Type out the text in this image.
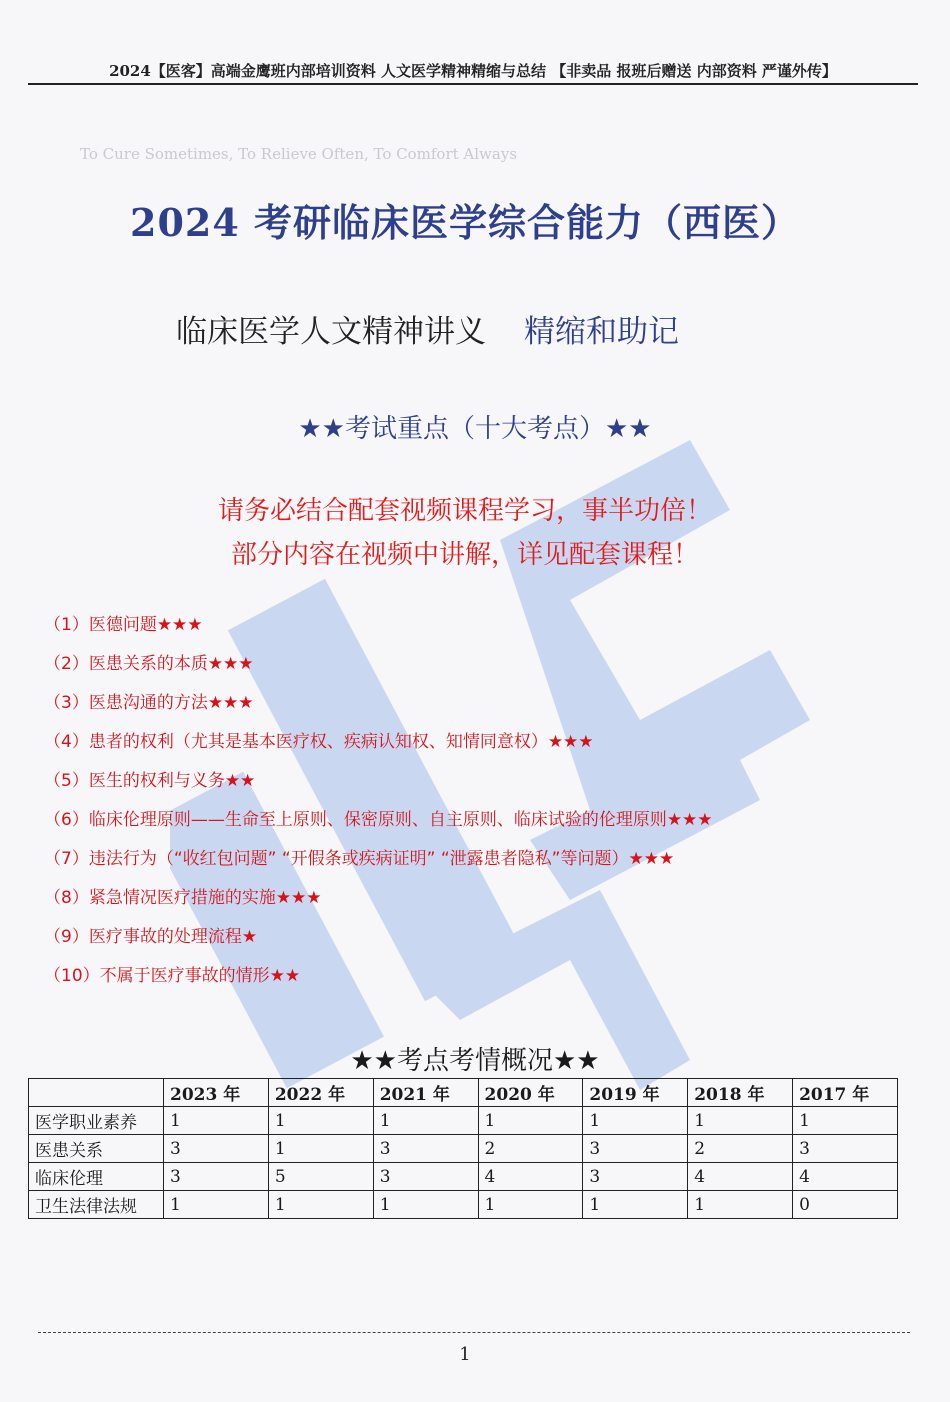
2024【医客】高端金鹰班内部培训资料 人文医学精神精缩与总结 【非卖品 报班后赠送 内部资料 严谨外传】
To Cure Sometimes, To Relieve Often, To Comfort Always
2024 考研临床医学综合能力（西医）
临床医学人文精神讲义 精缩和助记
★★考试重点（十大考点）★★
请务必结合配套视频课程学习，事半功倍！
部分内容在视频中讲解，详见配套课程！
（1）医德问题★★★
（2）医患关系的本质★★★
（3）医患沟通的方法★★★
（4）患者的权利（尤其是基本医疗权、疾病认知权、知情同意权）★★★
（5）医生的权利与义务★★
（6）临床伦理原则——生命至上原则、保密原则、自主原则、临床试验的伦理原则★★★
（7）违法行为（“收红包问题” “开假条或疾病证明” “泄露患者隐私”等问题）★★★
（8）紧急情况医疗措施的实施★★★
（9）医疗事故的处理流程★
（10）不属于医疗事故的情形★★
★★考点考情概况★★
	2023 年	2022 年	2021 年	2020 年	2019 年	2018 年	2017 年
医学职业素养	1	1	1	1	1	1	1
医患关系	3	1	3	2	3	2	3
临床伦理	3	5	3	4	3	4	4
卫生法律法规	1	1	1	1	1	1	0
1
